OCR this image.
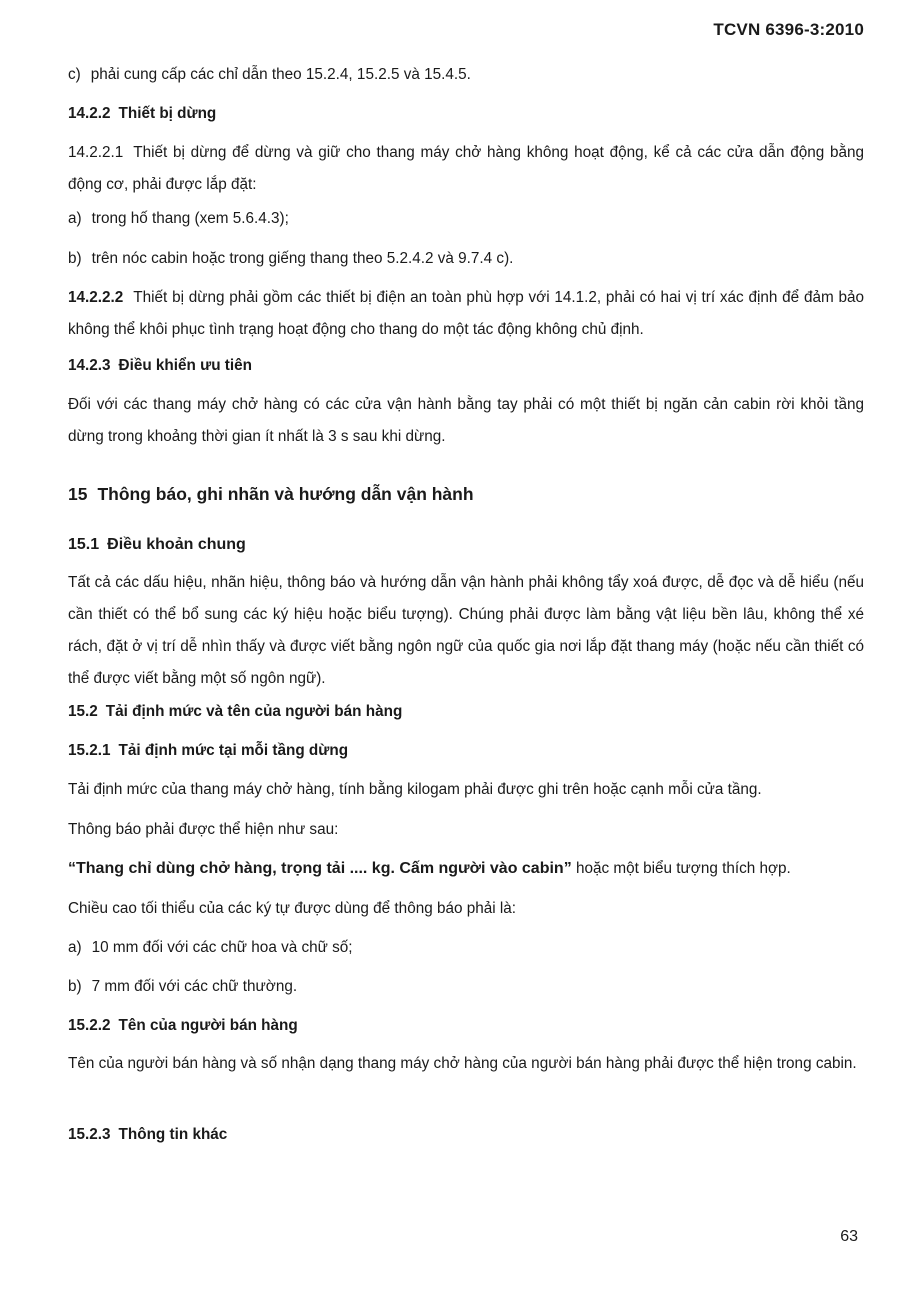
TCVN 6396-3:2010
c) phải cung cấp các chỉ dẫn theo 15.2.4, 15.2.5 và 15.4.5.
14.2.2 Thiết bị dừng
14.2.2.1 Thiết bị dừng để dừng và giữ cho thang máy chở hàng không hoạt động, kể cả các cửa dẫn động bằng động cơ, phải được lắp đặt:
a) trong hố thang (xem 5.6.4.3);
b) trên nóc cabin hoặc trong giếng thang theo 5.2.4.2 và 9.7.4 c).
14.2.2.2 Thiết bị dừng phải gồm các thiết bị điện an toàn phù hợp với 14.1.2, phải có hai vị trí xác định để đảm bảo không thể khôi phục tình trạng hoạt động cho thang do một tác động không chủ định.
14.2.3 Điều khiển ưu tiên
Đối với các thang máy chở hàng có các cửa vận hành bằng tay phải có một thiết bị ngăn cản cabin rời khỏi tầng dừng trong khoảng thời gian ít nhất là 3 s sau khi dừng.
15 Thông báo, ghi nhãn và hướng dẫn vận hành
15.1 Điều khoản chung
Tất cả các dấu hiệu, nhãn hiệu, thông báo và hướng dẫn vận hành phải không tẩy xoá được, dễ đọc và dễ hiểu (nếu cần thiết có thể bổ sung các ký hiệu hoặc biểu tượng). Chúng phải được làm bằng vật liệu bền lâu, không thể xé rách, đặt ở vị trí dễ nhìn thấy và được viết bằng ngôn ngữ của quốc gia nơi lắp đặt thang máy (hoặc nếu cần thiết có thể được viết bằng một số ngôn ngữ).
15.2 Tải định mức và tên của người bán hàng
15.2.1 Tải định mức tại mỗi tầng dừng
Tải định mức của thang máy chở hàng, tính bằng kilogam phải được ghi trên hoặc cạnh mỗi cửa tầng.
Thông báo phải được thể hiện như sau:
“Thang chỉ dùng chở hàng, trọng tải .... kg. Cấm người vào cabin” hoặc một biểu tượng thích hợp.
Chiều cao tối thiểu của các ký tự được dùng để thông báo phải là:
a) 10 mm đối với các chữ hoa và chữ số;
b) 7 mm đối với các chữ thường.
15.2.2 Tên của người bán hàng
Tên của người bán hàng và số nhận dạng thang máy chở hàng của người bán hàng phải được thể hiện trong cabin.
15.2.3 Thông tin khác
63
